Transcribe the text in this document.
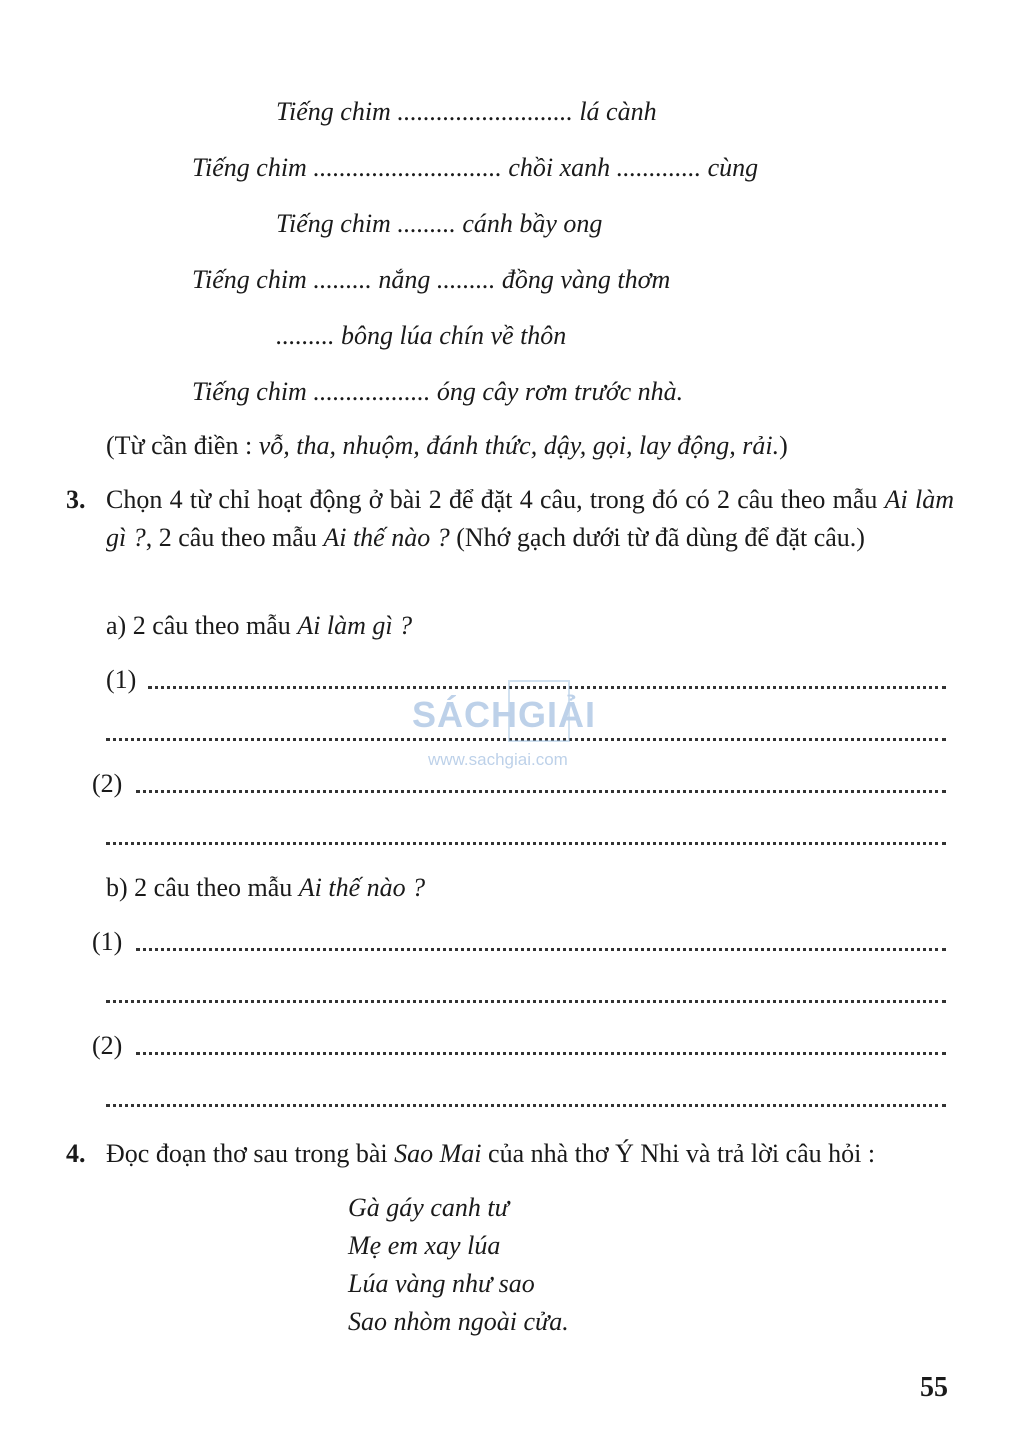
Tiếng chim ........................... lá cành
Tiếng chim ............................. chồi xanh ............. cùng
Tiếng chim ......... cánh bầy ong
Tiếng chim ......... nắng ......... đồng vàng thơm
......... bông lúa chín về thôn
Tiếng chim .................. óng cây rơm trước nhà.
(Từ cần điền : vỗ, tha, nhuộm, đánh thức, dậy, gọi, lay động, rải.)
3. Chọn 4 từ chỉ hoạt động ở bài 2 để đặt 4 câu, trong đó có 2 câu theo mẫu Ai làm gì ?, 2 câu theo mẫu Ai thế nào ? (Nhớ gạch dưới từ đã dùng để đặt câu.)
a) 2 câu theo mẫu Ai làm gì ?
(1)
(2)
b) 2 câu theo mẫu Ai thế nào ?
(1)
(2)
4. Đọc đoạn thơ sau trong bài Sao Mai của nhà thơ Ý Nhi và trả lời câu hỏi :
Gà gáy canh tư
Mẹ em xay lúa
Lúa vàng như sao
Sao nhòm ngoài cửa.
SÁCHGIẢI
www.sachgiai.com
55
